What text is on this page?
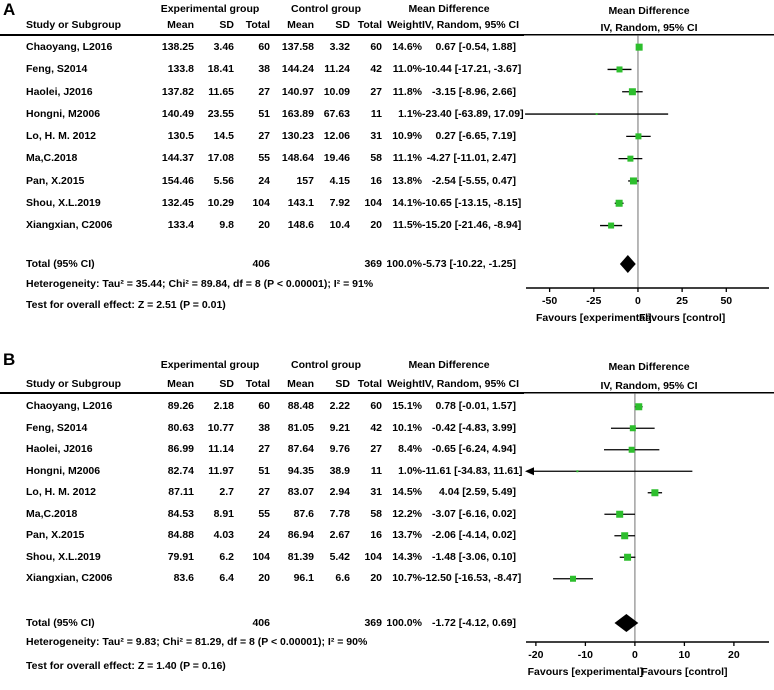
A	Experimental group	Control group	Mean Difference
Study or Subgroup	Mean	SD	Total	Mean	SD Total Weight IV, Random, 95% CI
Chaoyang, L2016	138.25	3.46	60	137.58	3.32	60 14.6%	0.67 [-0.54, 1.88]
Feng, S2014	133.8	18.41	38	144.24 11.24	42	11.0% -10.44 [-17.21, -3.67]
Haolei, J2016	137.82	11.65	27	140.97 10.09	27	11.8% -3.15 [-8.96, 2.66]
Hongni, M2006	140.49	23.55	51	163.89 67.63	11	1.1% -23.40 [-63.89, 17.09]
Lo, H. M. 2012	130.5	14.5	27	130.23 12.06	31 10.9%	0.27 [-6.65, 7.19]
Ma,C.2018	144.37	17.08	55	148.64 19.46	58	11.1% -4.27 [-11.01, 2.47]
Pan, X.2015	154.46	5.56	24	157	4.15	16 13.8% -2.54 [-5.55, 0.47]
Shou, X.L.2019	132.45	10.29	104	143.1	7.92	104 14.1% -10.65 [-13.15, -8.15]
Xiangxian, C2006	133.4	9.8	20	148.6	10.4	20	11.5% -15.20 [-21.46, -8.94]
Total (95% CI)	406	369 100.0% -5.73 [-10.22, -1.25]
Heterogeneity: Tau² = 35.44; Chi² = 89.84, df = 8 (P < 0.00001); I² = 91%
Test for overall effect: Z = 2.51 (P = 0.01)
Mean Difference
IV, Random, 95% CI
-50	-25	0	25	50
Favours [experimental]
Favours [control]
B	Experimental group	Control group	Mean Difference
Study or Subgroup	Mean	SD	Total	Mean	SD Total Weight IV, Random, 95% CI
Chaoyang, L2016	89.26	2.18	60	88.48	2.22	60 15.1%	0.78 [-0.01, 1.57]
Feng, S2014	80.63	10.77	38	81.05	9.21	42 10.1% -0.42 [-4.83, 3.99]
Haolei, J2016	86.99	11.14	27	87.64	9.76	27	8.4% -0.65 [-6.24, 4.94]
Hongni, M2006	82.74	11.97	51	94.35	38.9	11	1.0% -11.61 [-34.83, 11.61]
Lo, H. M. 2012	87.11	2.7	27	83.07	2.94	31 14.5%	4.04 [2.59, 5.49]
Ma,C.2018	84.53	8.91	55	87.6	7.78	58 12.2% -3.07 [-6.16, 0.02]
Pan, X.2015	84.88	4.03	24	86.94	2.67	16 13.7% -2.06 [-4.14, 0.02]
Shou, X.L.2019	79.91	6.2	104	81.39	5.42	104 14.3% -1.48 [-3.06, 0.10]
Xiangxian, C2006	83.6	6.4	20	96.1	6.6	20 10.7% -12.50 [-16.53, -8.47]
Total (95% CI)	406	369 100.0% -1.72 [-4.12, 0.69]
Heterogeneity: Tau² = 9.83; Chi² = 81.29, df = 8 (P < 0.00001); I² = 90%
Test for overall effect: Z = 1.40 (P = 0.16)
Mean Difference
IV, Random, 95% CI
-20	-10	0	10	20
Favours [experimental]
Favours [control]
